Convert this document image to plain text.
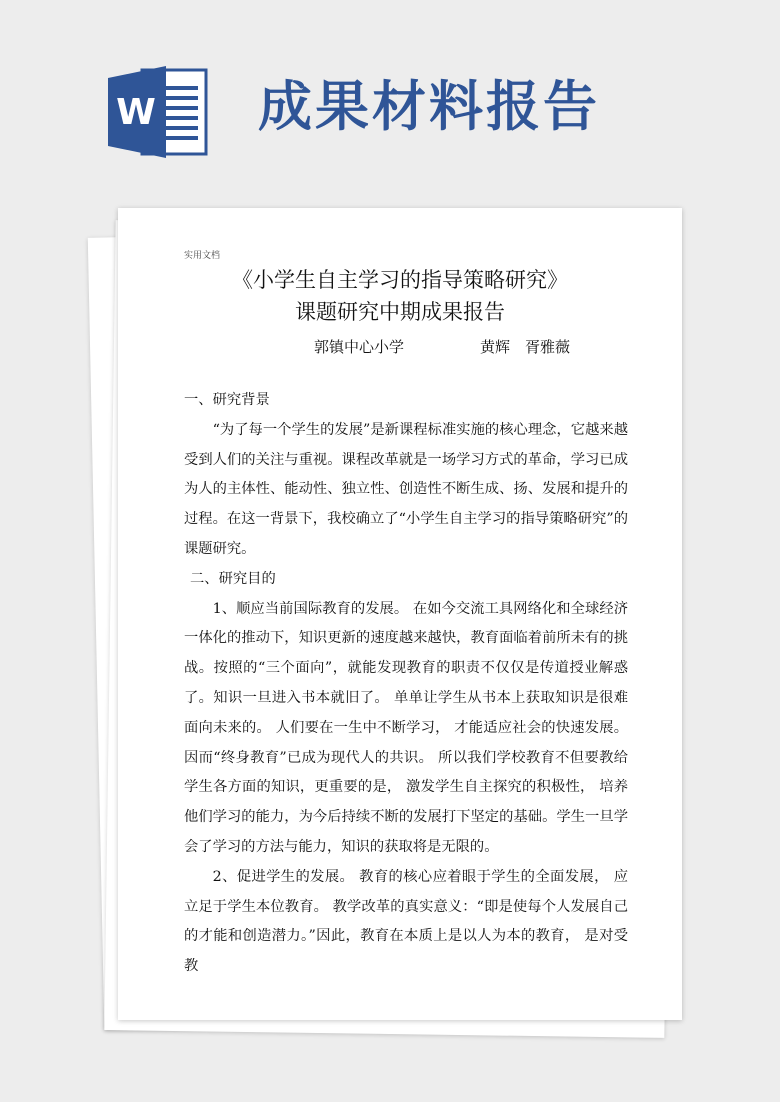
W 成果材料报告
实用文档
《小学生自主学习的指导策略研究》
课题研究中期成果报告
郭镇中心小学	黄辉　胥雅薇

一、研究背景

“为了每一个学生的发展”是新课程标准实施的核心理念，它越来越受到人们的关注与重视。课程改革就是一场学习方式的革命，学习已成为人的主体性、能动性、独立性、创造性不断生成、扬、发展和提升的过程。在这一背景下，我校确立了“小学生自主学习的指导策略研究”的课题研究。

二、研究目的

1、顺应当前国际教育的发展。 在如今交流工具网络化和全球经济一体化的推动下，知识更新的速度越来越快，教育面临着前所未有的挑战。按照的“三个面向”，就能发现教育的职责不仅仅是传道授业解惑了。知识一旦进入书本就旧了。 单单让学生从书本上获取知识是很难面向未来的。 人们要在一生中不断学习， 才能适应社会的快速发展。因而“终身教育”已成为现代人的共识。 所以我们学校教育不但要教给学生各方面的知识，更重要的是， 激发学生自主探究的积极性， 培养他们学习的能力，为今后持续不断的发展打下坚定的基础。学生一旦学会了学习的方法与能力，知识的获取将是无限的。

2、促进学生的发展。 教育的核心应着眼于学生的全面发展， 应立足于学生本位教育。 教学改革的真实意义：“即是使每个人发展自己的才能和创造潜力。”因此，教育在本质上是以人为本的教育， 是对受教
